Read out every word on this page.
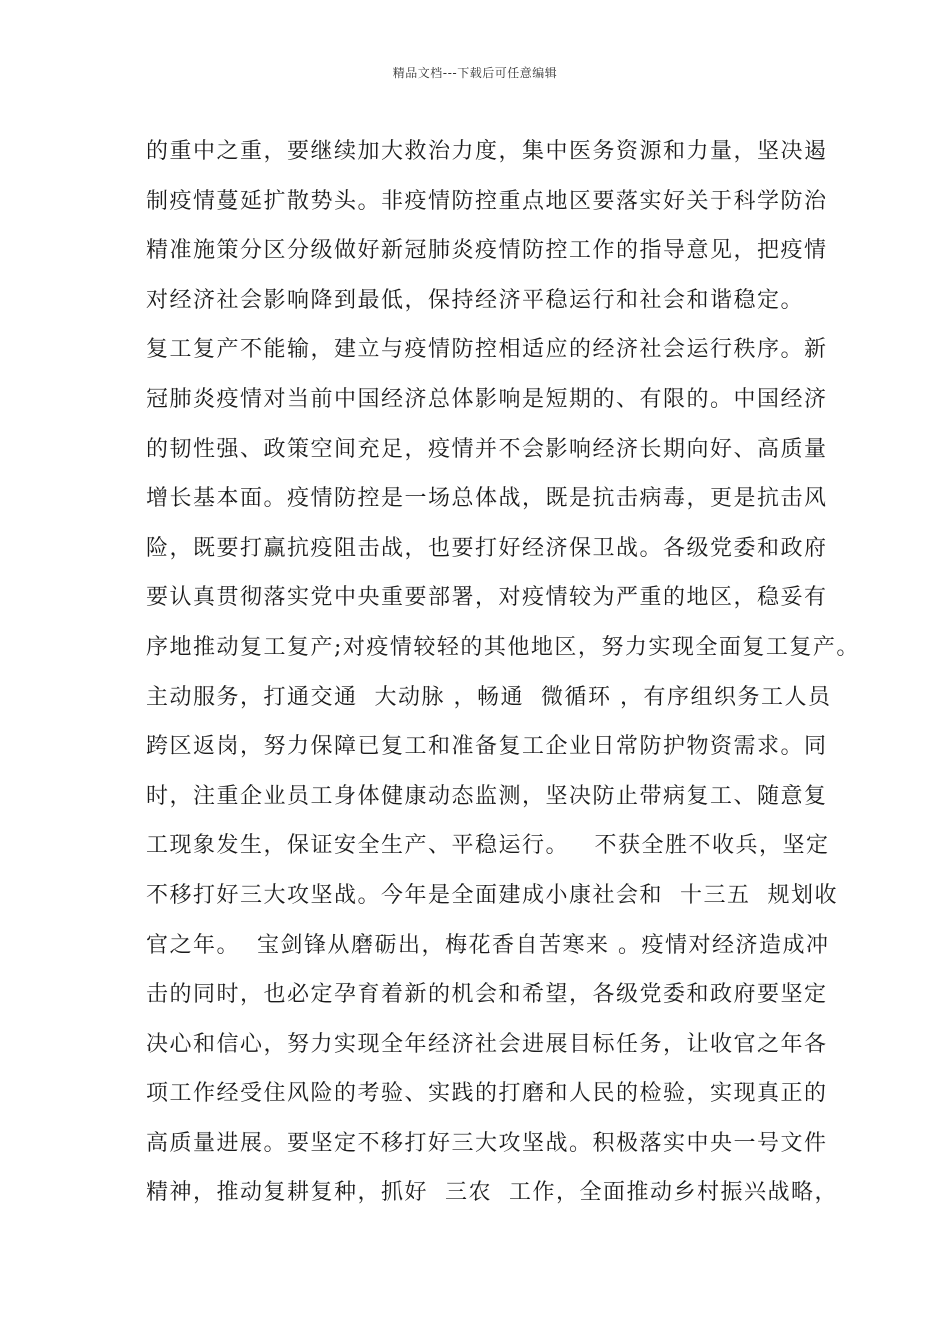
精品文档---下载后可任意编辑
的重中之重，要继续加大救治力度，集中医务资源和力量，坚决遏
制疫情蔓延扩散势头。非疫情防控重点地区要落实好关于科学防治
精准施策分区分级做好新冠肺炎疫情防控工作的指导意见，把疫情
对经济社会影响降到最低，保持经济平稳运行和社会和谐稳定。
复工复产不能输，建立与疫情防控相适应的经济社会运行秩序。新
冠肺炎疫情对当前中国经济总体影响是短期的、有限的。中国经济
的韧性强、政策空间充足，疫情并不会影响经济长期向好、高质量
增长基本面。疫情防控是一场总体战，既是抗击病毒，更是抗击风
险，既要打赢抗疫阻击战，也要打好经济保卫战。各级党委和政府
要认真贯彻落实党中央重要部署，对疫情较为严重的地区，稳妥有
序地推动复工复产;对疫情较轻的其他地区，努力实现全面复工复产。
主动服务，打通交通  大动脉 ，畅通  微循环 ，有序组织务工人员
跨区返岗，努力保障已复工和准备复工企业日常防护物资需求。同
时，注重企业员工身体健康动态监测，坚决防止带病复工、随意复
工现象发生，保证安全生产、平稳运行。   不获全胜不收兵，坚定
不移打好三大攻坚战。今年是全面建成小康社会和  十三五  规划收
官之年。  宝剑锋从磨砺出，梅花香自苦寒来 。疫情对经济造成冲
击的同时，也必定孕育着新的机会和希望，各级党委和政府要坚定
决心和信心，努力实现全年经济社会进展目标任务，让收官之年各
项工作经受住风险的考验、实践的打磨和人民的检验，实现真正的
高质量进展。要坚定不移打好三大攻坚战。积极落实中央一号文件
精神，推动复耕复种，抓好  三农  工作，全面推动乡村振兴战略，
